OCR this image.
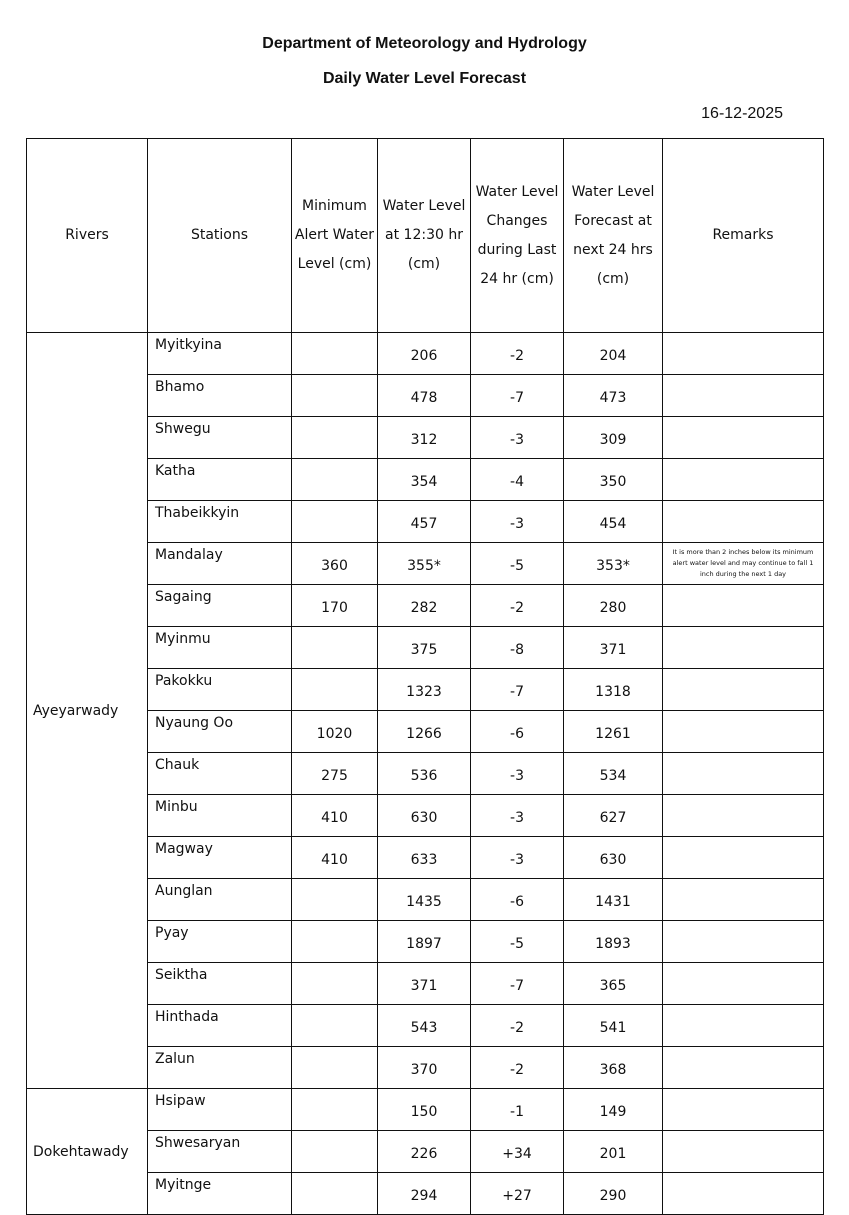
Department of Meteorology and Hydrology
Daily Water Level Forecast
16-12-2025
Rivers	Stations	Minimum Alert Water Level (cm)	Water Level at 12:30 hr (cm)	Water Level Changes during Last 24 hr (cm)	Water Level Forecast at next 24 hrs (cm)	Remarks
Ayeyarwady	Myitkyina		206	-2	204	
	Bhamo		478	-7	473	
	Shwegu		312	-3	309	
	Katha		354	-4	350	
	Thabeikkyin		457	-3	454	
	Mandalay	360	355*	-5	353*	It is more than 2 inches below its minimum alert water level and may continue to fall 1 inch during the next 1 day
	Sagaing	170	282	-2	280	
	Myinmu		375	-8	371	
	Pakokku		1323	-7	1318	
	Nyaung Oo	1020	1266	-6	1261	
	Chauk	275	536	-3	534	
	Minbu	410	630	-3	627	
	Magway	410	633	-3	630	
	Aunglan		1435	-6	1431	
	Pyay		1897	-5	1893	
	Seiktha		371	-7	365	
	Hinthada		543	-2	541	
	Zalun		370	-2	368	
Dokehtawady	Hsipaw		150	-1	149	
	Shwesaryan		226	+34	201	
	Myitnge		294	+27	290	
